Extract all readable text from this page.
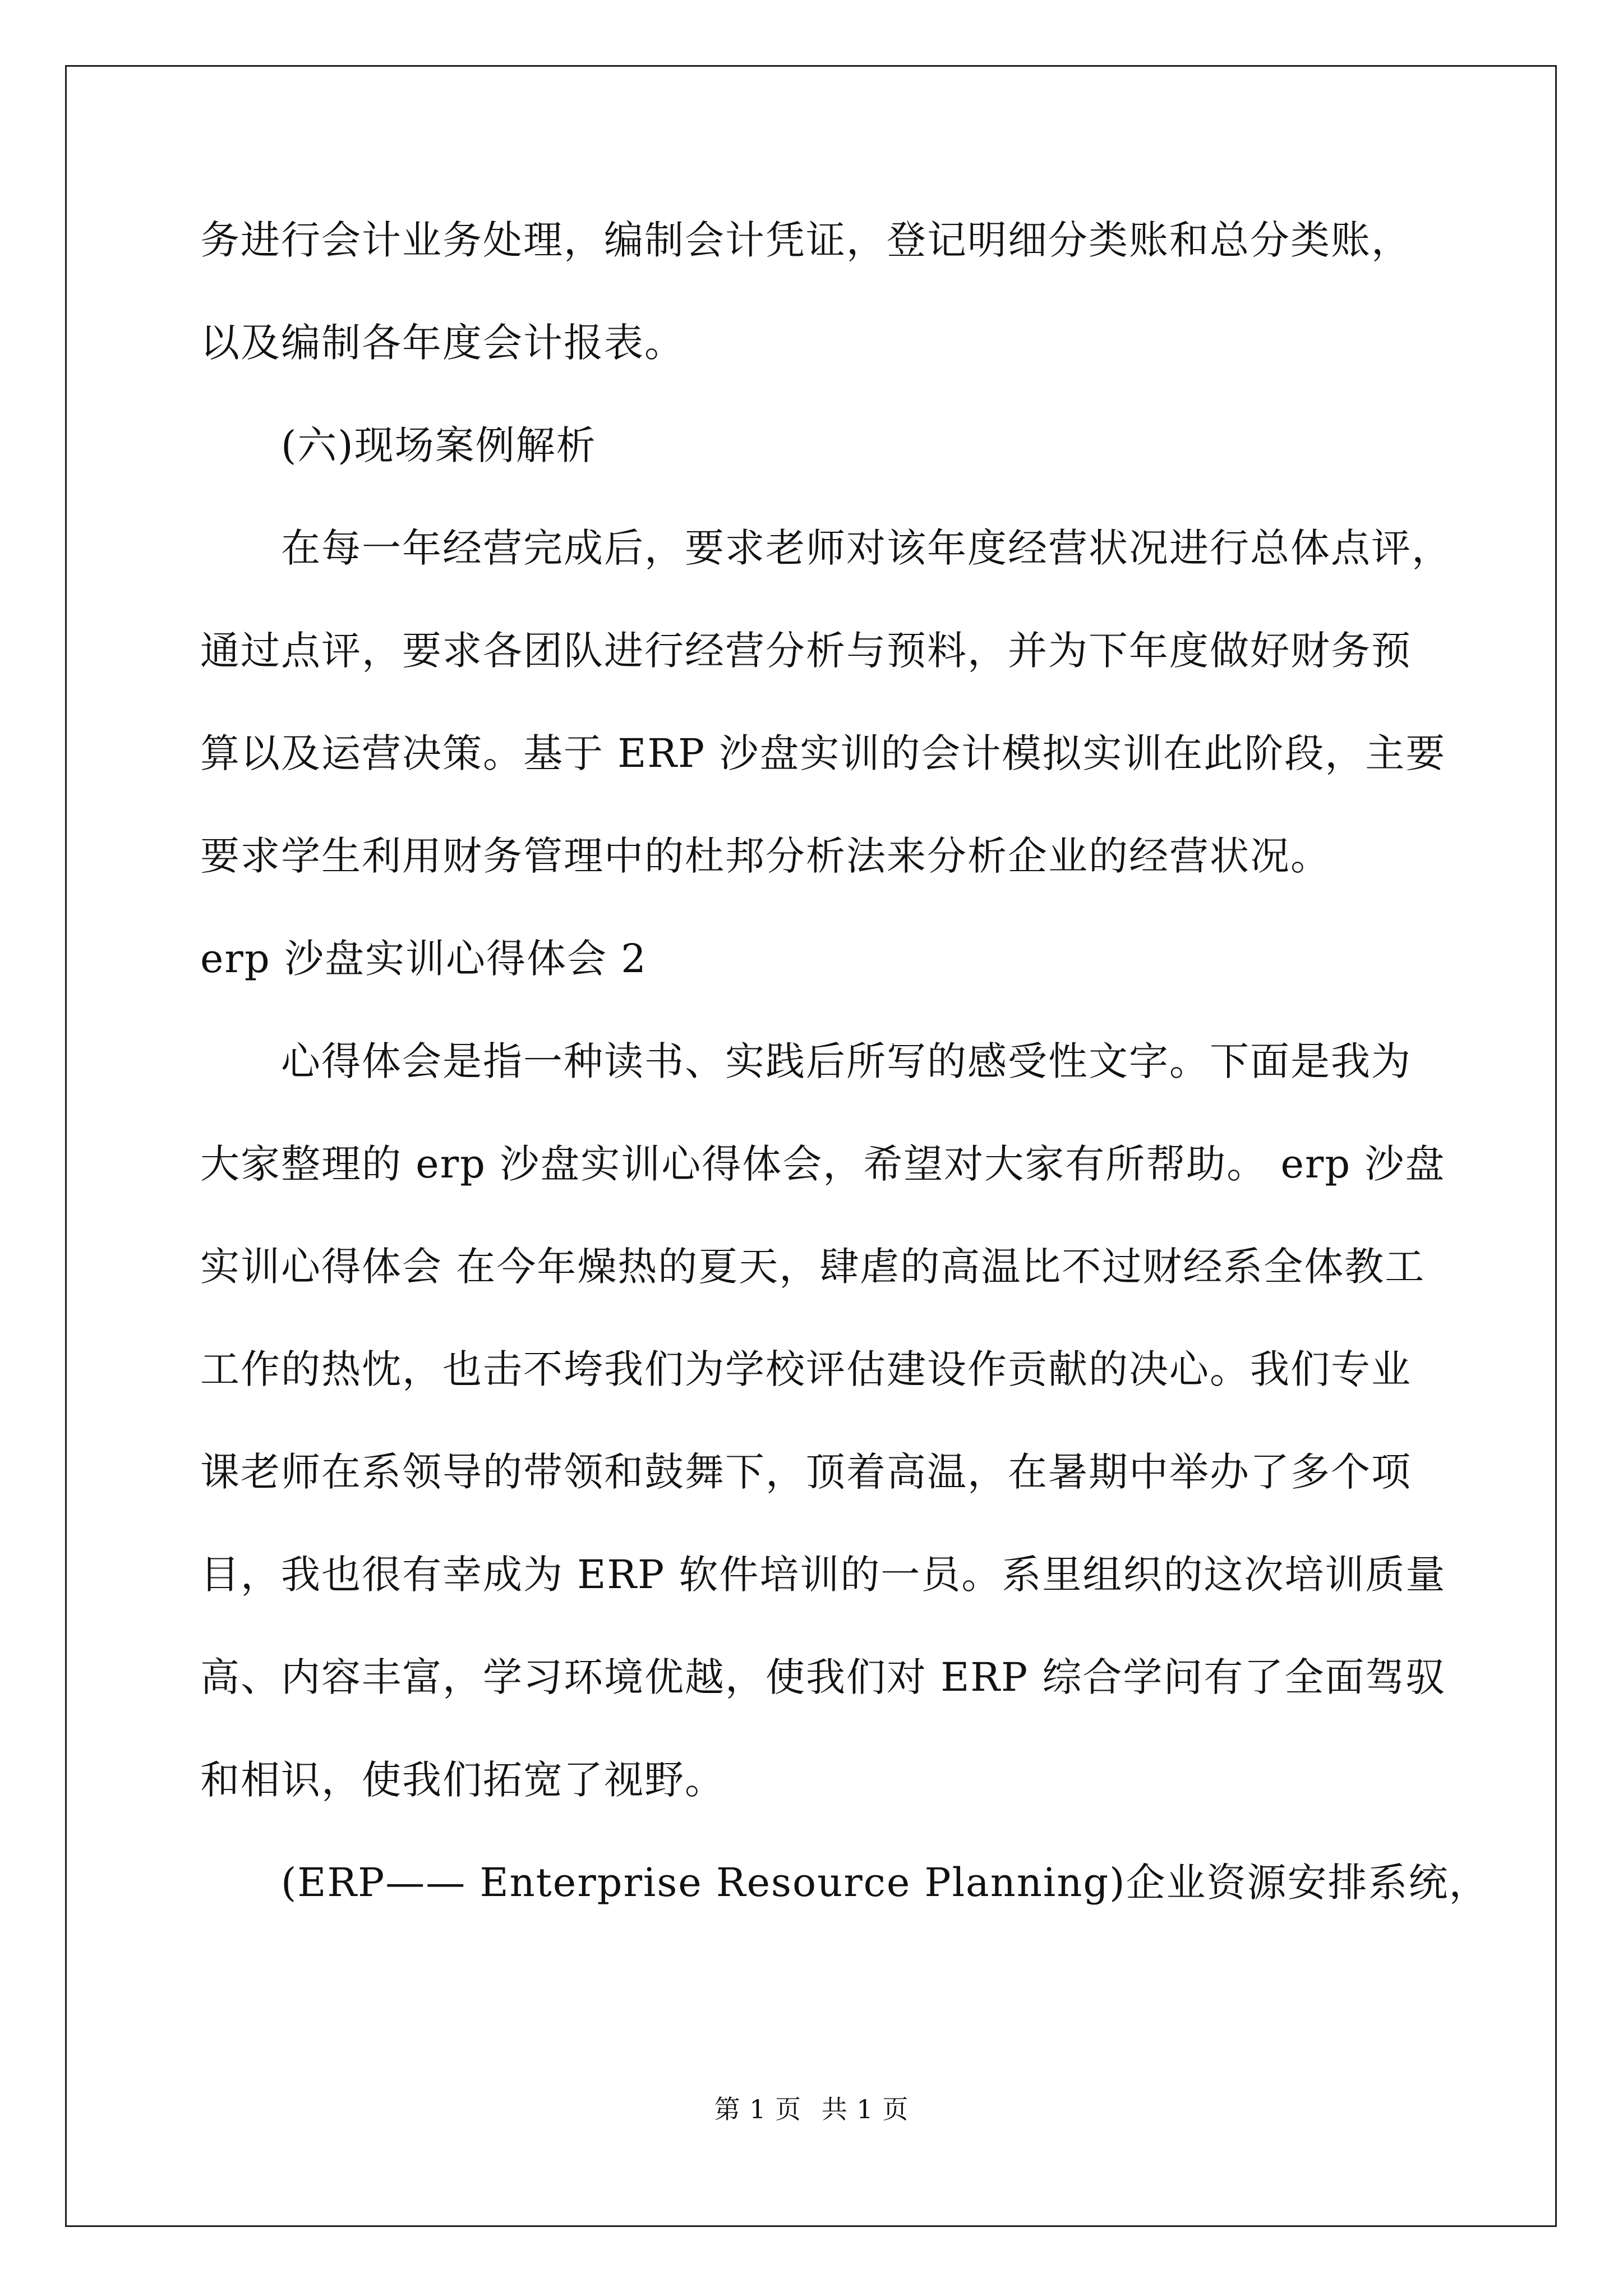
务进行会计业务处理，编制会计凭证，登记明细分类账和总分类账，
以及编制各年度会计报表。
(六)现场案例解析
在每一年经营完成后，要求老师对该年度经营状况进行总体点评，
通过点评，要求各团队进行经营分析与预料，并为下年度做好财务预
算以及运营决策。基于 ERP 沙盘实训的会计模拟实训在此阶段，主要
要求学生利用财务管理中的杜邦分析法来分析企业的经营状况。
erp 沙盘实训心得体会 2
心得体会是指一种读书、实践后所写的感受性文字。下面是我为
大家整理的 erp 沙盘实训心得体会，希望对大家有所帮助。 erp 沙盘
实训心得体会 在今年燥热的夏天，肆虐的高温比不过财经系全体教工
工作的热忱，也击不垮我们为学校评估建设作贡献的决心。我们专业
课老师在系领导的带领和鼓舞下，顶着高温，在暑期中举办了多个项
目，我也很有幸成为 ERP 软件培训的一员。系里组织的这次培训质量
高、内容丰富，学习环境优越，使我们对 ERP 综合学问有了全面驾驭
和相识，使我们拓宽了视野。
(ERP—— Enterprise Resource Planning)企业资源安排系统，
第 1 页 共 1 页
